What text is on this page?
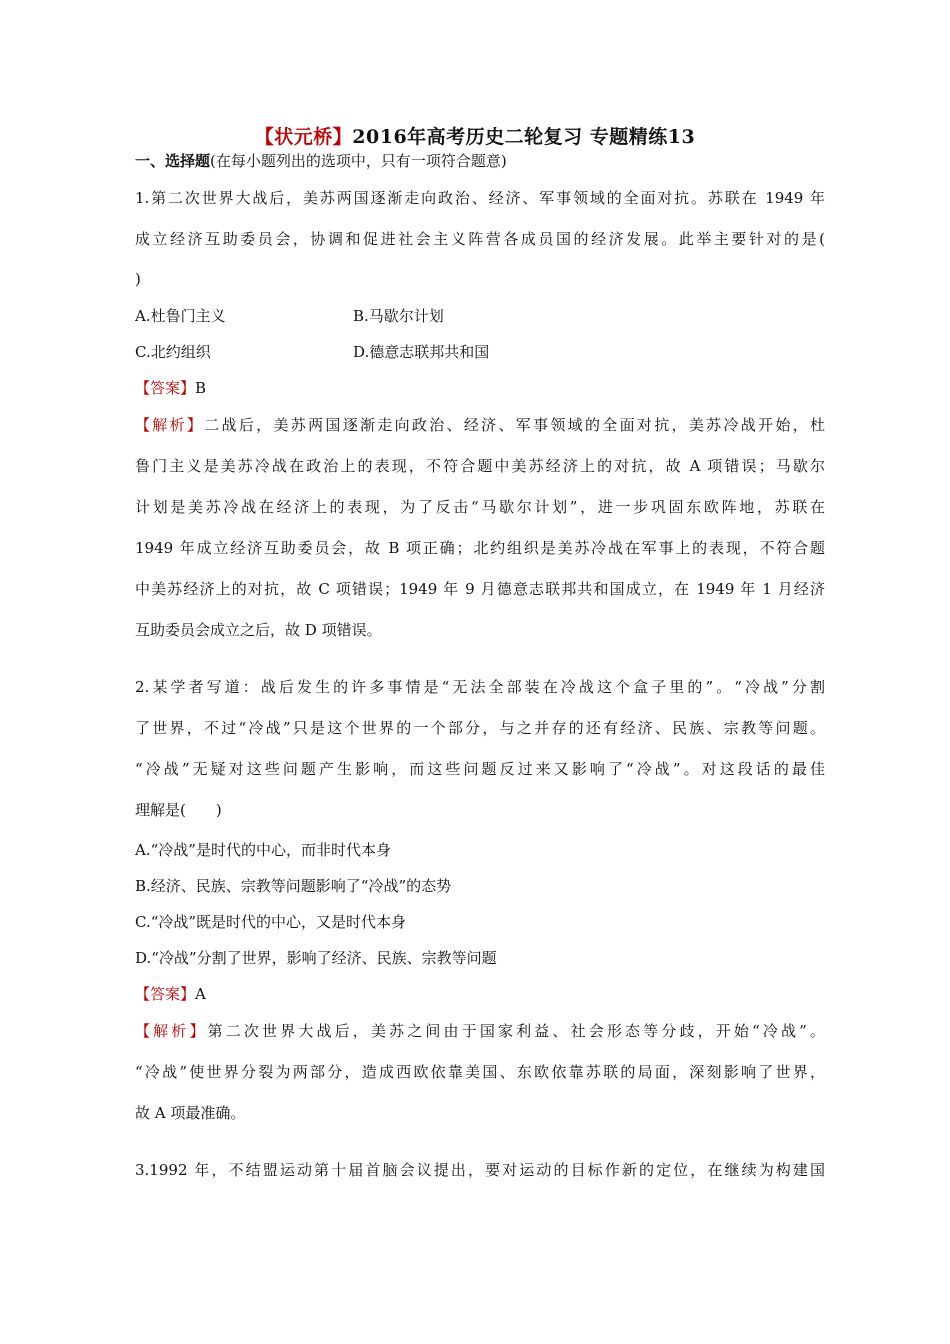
【状元桥】2016年高考历史二轮复习 专题精练13
一、选择题(在每小题列出的选项中，只有一项符合题意)
1.第二次世界大战后，美苏两国逐渐走向政治、经济、军事领域的全面对抗。苏联在 1949 年
成立经济互助委员会，协调和促进社会主义阵营各成员国的经济发展。此举主要针对的是(
)
A.杜鲁门主义	B.马歇尔计划
C.北约组织	D.德意志联邦共和国
【答案】B
【解析】二战后，美苏两国逐渐走向政治、经济、军事领域的全面对抗，美苏冷战开始，杜
鲁门主义是美苏冷战在政治上的表现，不符合题中美苏经济上的对抗，故 A 项错误；马歇尔
计划是美苏冷战在经济上的表现，为了反击“马歇尔计划”，进一步巩固东欧阵地，苏联在
1949 年成立经济互助委员会，故 B 项正确；北约组织是美苏冷战在军事上的表现，不符合题
中美苏经济上的对抗，故 C 项错误；1949 年 9 月德意志联邦共和国成立，在 1949 年 1 月经济
互助委员会成立之后，故 D 项错误。
2.某学者写道：战后发生的许多事情是“无法全部装在冷战这个盒子里的”。“冷战”分割
了世界，不过“冷战”只是这个世界的一个部分，与之并存的还有经济、民族、宗教等问题。
“冷战”无疑对这些问题产生影响，而这些问题反过来又影响了“冷战”。对这段话的最佳
理解是(　　)
A.“冷战”是时代的中心，而非时代本身
B.经济、民族、宗教等问题影响了“冷战”的态势
C.“冷战”既是时代的中心，又是时代本身
D.“冷战”分割了世界，影响了经济、民族、宗教等问题
【答案】A
【解析】第二次世界大战后，美苏之间由于国家利益、社会形态等分歧，开始“冷战”。
“冷战”使世界分裂为两部分，造成西欧依靠美国、东欧依靠苏联的局面，深刻影响了世界，
故 A 项最准确。
3.1992 年，不结盟运动第十届首脑会议提出，要对运动的目标作新的定位，在继续为构建国
